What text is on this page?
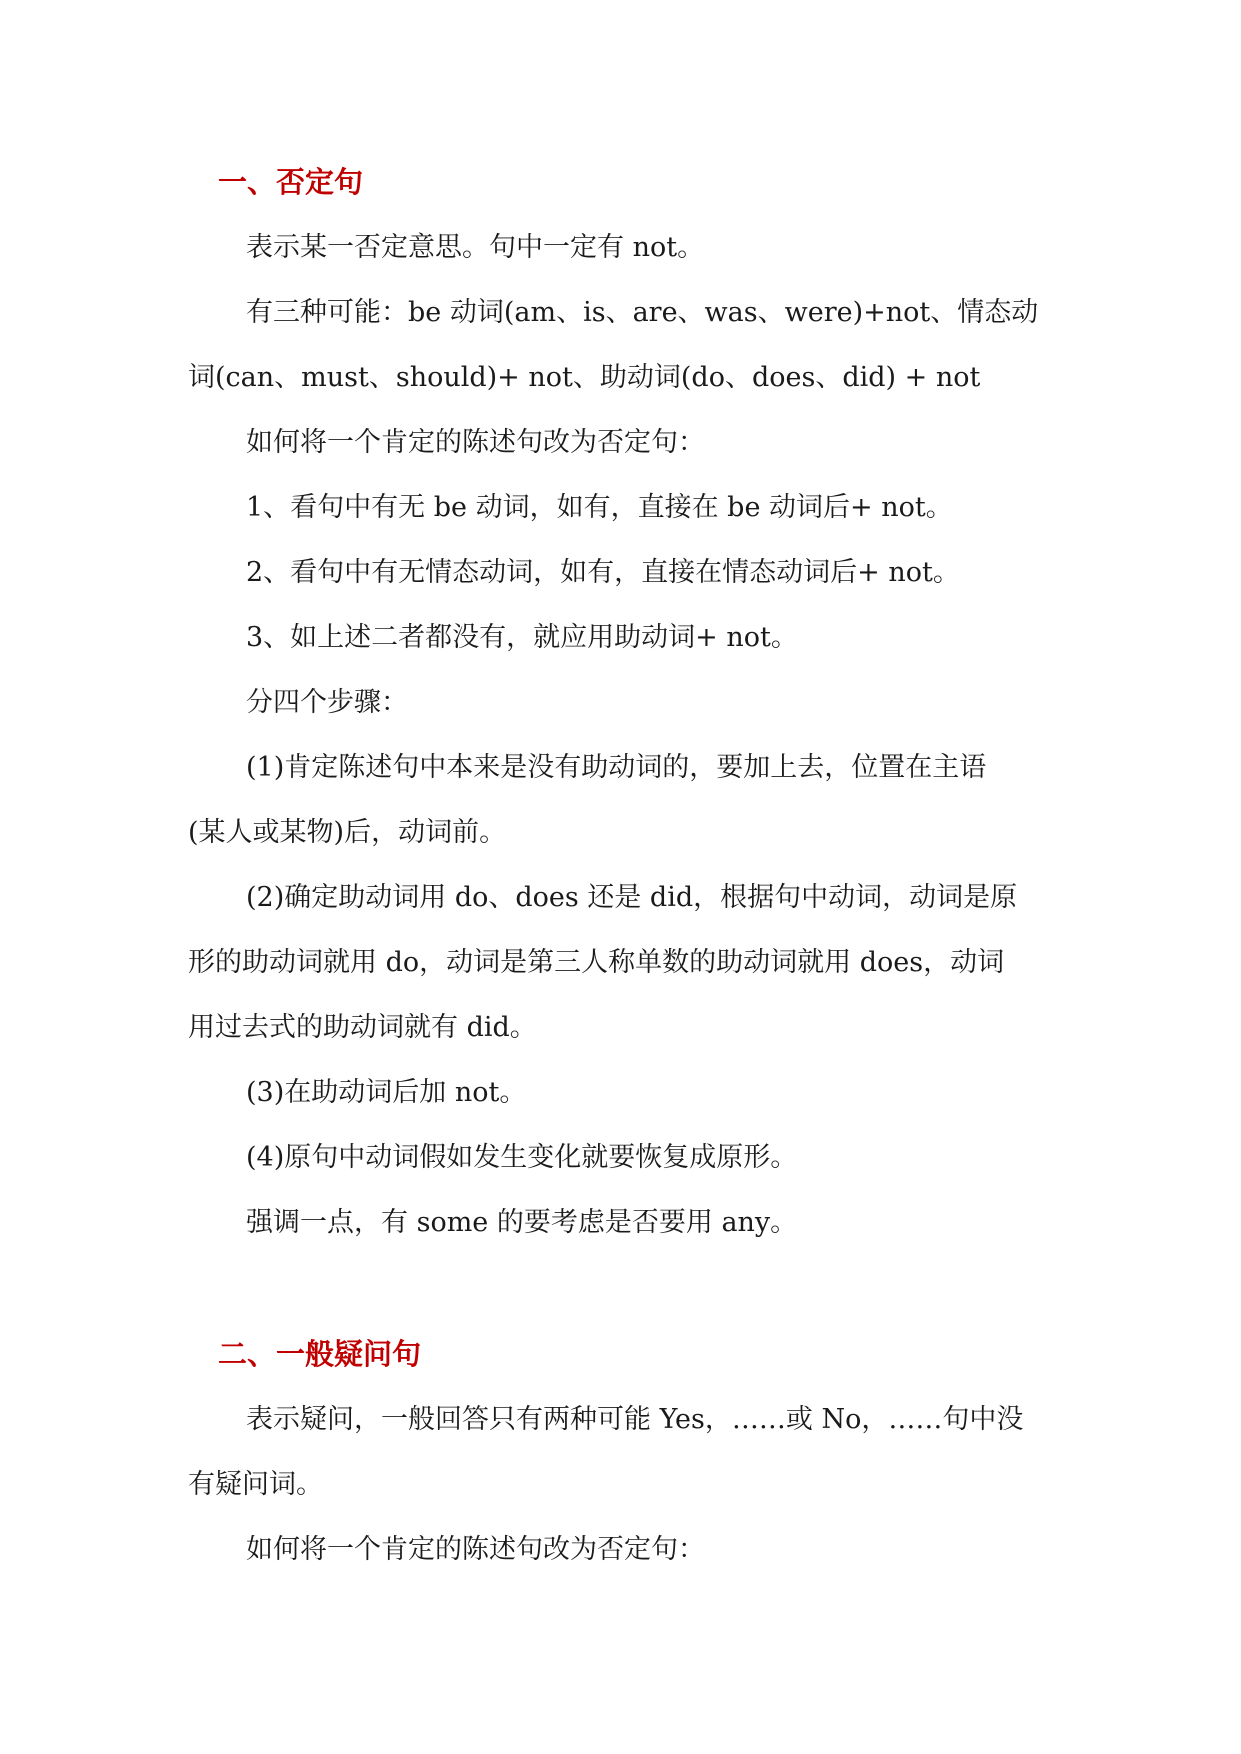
一、否定句
表示某一否定意思。句中一定有 not。
有三种可能：be 动词(am、is、are、was、were)+not、情态动
词(can、must、should)+ not、助动词(do、does、did) + not
如何将一个肯定的陈述句改为否定句：
1、看句中有无 be 动词，如有，直接在 be 动词后+ not。
2、看句中有无情态动词，如有，直接在情态动词后+ not。
3、如上述二者都没有，就应用助动词+ not。
分四个步骤：
(1)肯定陈述句中本来是没有助动词的，要加上去，位置在主语
(某人或某物)后，动词前。
(2)确定助动词用 do、does 还是 did，根据句中动词，动词是原
形的助动词就用 do，动词是第三人称单数的助动词就用 does，动词
用过去式的助动词就有 did。
(3)在助动词后加 not。
(4)原句中动词假如发生变化就要恢复成原形。
强调一点，有 some 的要考虑是否要用 any。
二、一般疑问句
表示疑问，一般回答只有两种可能 Yes，……或 No，……句中没
有疑问词。
如何将一个肯定的陈述句改为否定句：
